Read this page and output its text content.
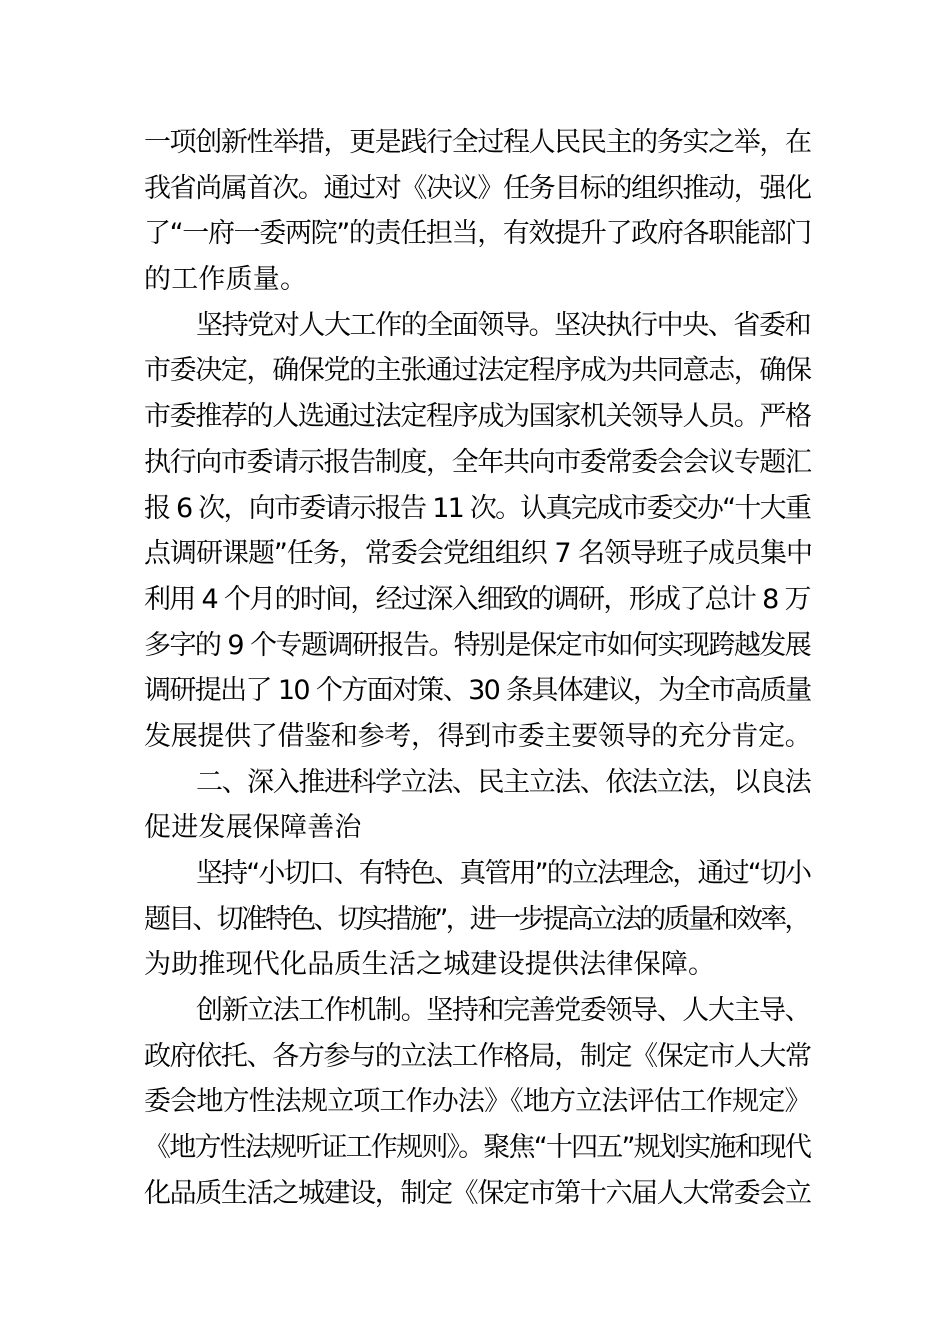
一项创新性举措，更是践行全过程人民民主的务实之举，在
我省尚属首次。通过对《决议》任务目标的组织推动，强化
了“一府一委两院”的责任担当，有效提升了政府各职能部门
的工作质量。
坚持党对人大工作的全面领导。坚决执行中央、省委和
市委决定，确保党的主张通过法定程序成为共同意志，确保
市委推荐的人选通过法定程序成为国家机关领导人员。严格
执行向市委请示报告制度，全年共向市委常委会会议专题汇
报 6 次，向市委请示报告 11 次。认真完成市委交办“十大重
点调研课题”任务，常委会党组组织 7 名领导班子成员集中
利用 4 个月的时间，经过深入细致的调研，形成了总计 8 万
多字的 9 个专题调研报告。特别是保定市如何实现跨越发展
调研提出了 10 个方面对策、30 条具体建议，为全市高质量
发展提供了借鉴和参考，得到市委主要领导的充分肯定。
二、深入推进科学立法、民主立法、依法立法，以良法
促进发展保障善治
坚持“小切口、有特色、真管用”的立法理念，通过“切小
题目、切准特色、切实措施”，进一步提高立法的质量和效率，
为助推现代化品质生活之城建设提供法律保障。
创新立法工作机制。坚持和完善党委领导、人大主导、
政府依托、各方参与的立法工作格局，制定《保定市人大常
委会地方性法规立项工作办法》《地方立法评估工作规定》
《地方性法规听证工作规则》。聚焦“十四五”规划实施和现代
化品质生活之城建设，制定《保定市第十六届人大常委会立
